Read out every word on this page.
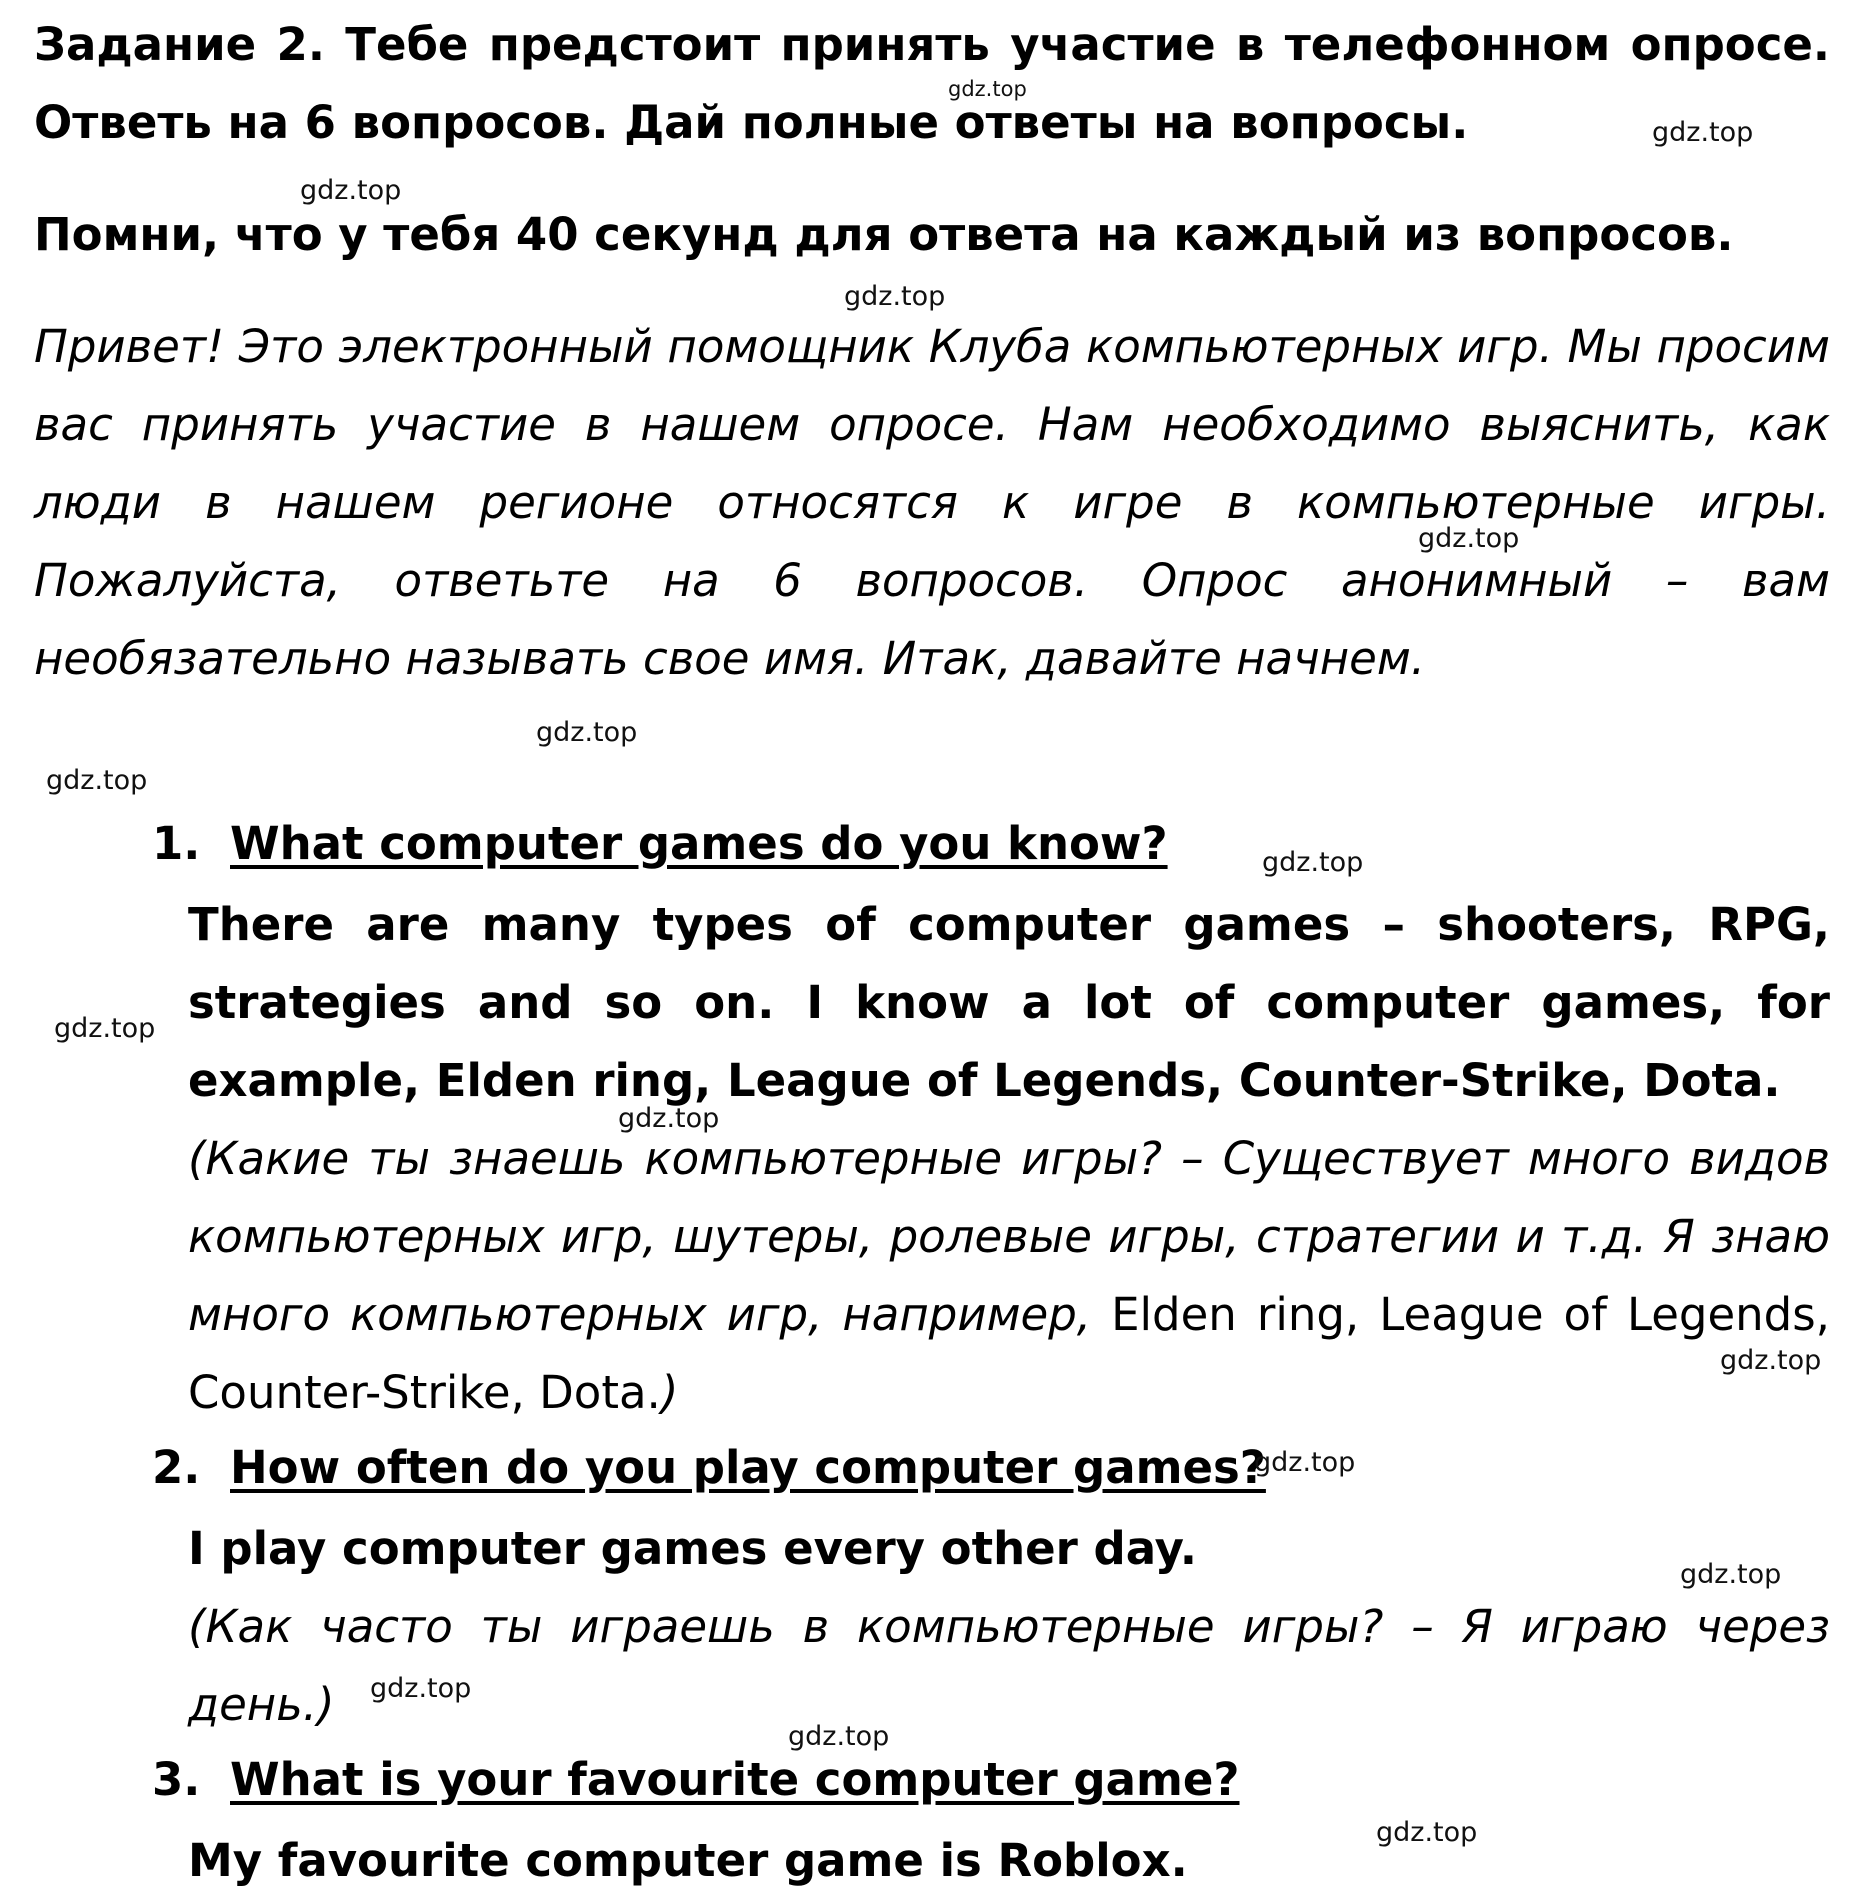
Задание 2. Тебе предстоит принять участие в телефонном опросе.
Ответь на 6 вопросов. Дай полные ответы на вопросы.
Помни, что у тебя 40 секунд для ответа на каждый из вопросов.
Привет! Это электронный помощник Клуба компьютерных игр. Мы просим вас принять участие в нашем опросе. Нам необходимо выяснить, как люди в нашем регионе относятся к игре в компьютерные игры. Пожалуйста, ответьте на 6 вопросов. Опрос анонимный – вам необязательно называть свое имя. Итак, давайте начнем.
1. What computer games do you know?
There are many types of computer games – shooters, RPG, strategies and so on. I know a lot of computer games, for example, Elden ring, League of Legends, Counter-Strike, Dota.
(Какие ты знаешь компьютерные игры? – Существует много видов компьютерных игр, шутеры, ролевые игры, стратегии и т.д. Я знаю много компьютерных игр, например, Elden ring, League of Legends, Counter-Strike, Dota.)
2. How often do you play computer games?
I play computer games every other day.
(Как часто ты играешь в компьютерные игры? – Я играю через день.)
3. What is your favourite computer game?
My favourite computer game is Roblox.
gdz.top
gdz.top
gdz.top
gdz.top
gdz.top
gdz.top
gdz.top
gdz.top
gdz.top
gdz.top
gdz.top
gdz.top
gdz.top
gdz.top
gdz.top
gdz.top
